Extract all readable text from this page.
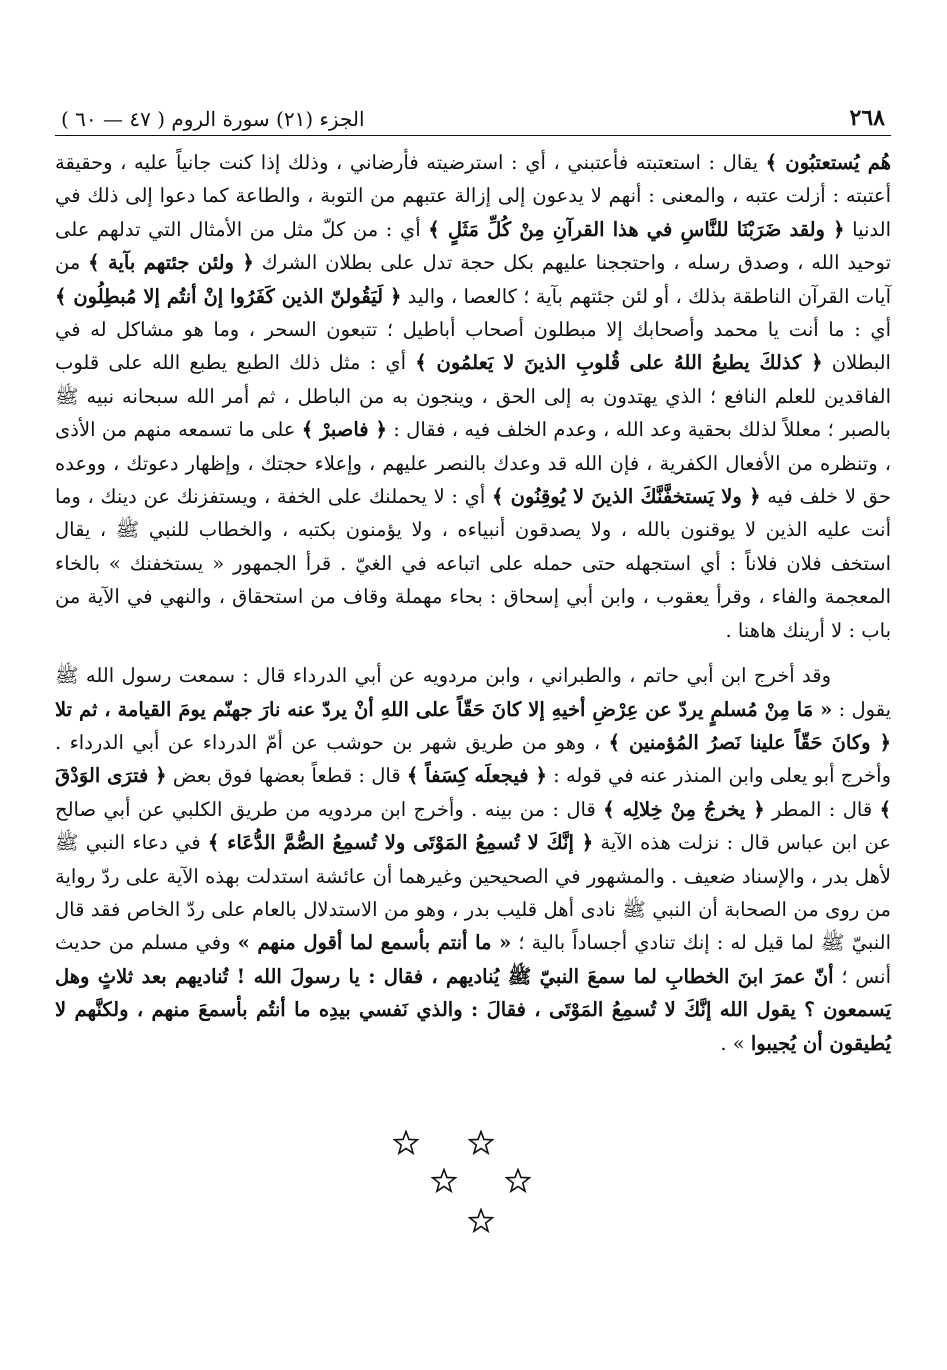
٢٦٨
الجزء (٢١) سورة الروم ( ٤٧ — ٦٠ )

هُم يُستعتبُون ﴾ يقال : استعتبته فأعتبني ، أي : استرضيته فأرضاني ، وذلك إذا كنت جانياً عليه ، وحقيقة أعتبته : أزلت عتبه ، والمعنى : أنهم لا يدعون إلى إزالة عتبهم من التوبة ، والطاعة كما دعوا إلى ذلك في الدنيا ﴿ ولقد ضَرَبْنَا للنَّاسِ في هذا القرآنِ مِنْ كُلِّ مَثَلٍ ﴾ أي : من كلّ مثل من الأمثال التي تدلهم على توحيد الله ، وصدق رسله ، واحتججنا عليهم بكل حجة تدل على بطلان الشرك ﴿ ولئن جئتهم بآية ﴾ من آيات القرآن الناطقة بذلك ، أو لئن جئتهم بآية ؛ كالعصا ، واليد ﴿ لَيَقُولنّ الذين كَفَرُوا إنْ أنتُم إلا مُبطِلُون ﴾ أي : ما أنت يا محمد وأصحابك إلا مبطلون أصحاب أباطيل ؛ تتبعون السحر ، وما هو مشاكل له في البطلان ﴿ كذلكَ يطبعُ اللهُ على قُلوبِ الذينَ لا يَعلمُون ﴾ أي : مثل ذلك الطبع يطبع الله على قلوب الفاقدين للعلم النافع ؛ الذي يهتدون به إلى الحق ، وينجون به من الباطل ، ثم أمر الله سبحانه نبيه ﷺ بالصبر ؛ معللاً لذلك بحقية وعد الله ، وعدم الخلف فيه ، فقال : ﴿ فاصبرْ ﴾ على ما تسمعه منهم من الأذى ، وتنظره من الأفعال الكفرية ، فإن الله قد وعدك بالنصر عليهم ، وإعلاء حجتك ، وإظهار دعوتك ، ووعده حق لا خلف فيه ﴿ ولا يَستخفَّنَّكَ الذينَ لا يُوقِنُون ﴾ أي : لا يحملنك على الخفة ، ويستفزنك عن دينك ، وما أنت عليه الذين لا يوقنون بالله ، ولا يصدقون أنبياءه ، ولا يؤمنون بكتبه ، والخطاب للنبي ﷺ ، يقال استخف فلان فلاناً : أي استجهله حتى حمله على اتباعه في الغيّ . قرأ الجمهور « يستخفنك » بالخاء المعجمة والفاء ، وقرأ يعقوب ، وابن أبي إسحاق : بحاء مهملة وقاف من استحقاق ، والنهي في الآية من باب : لا أرينك هاهنا .

وقد أخرج ابن أبي حاتم ، والطبراني ، وابن مردويه عن أبي الدرداء قال : سمعت رسول الله ﷺ يقول : « مَا مِنْ مُسلمٍ يردّ عن عِرْضِ أخيهِ إلا كانَ حَقّاً على اللهِ أنْ يردّ عنه نارَ جهنّم يومَ القيامة ، ثم تلا ﴿ وكانَ حَقّاً علينا نَصرُ المُؤمنين ﴾ ، وهو من طريق شهر بن حوشب عن أمّ الدرداء عن أبي الدرداء . وأخرج أبو يعلى وابن المنذر عنه في قوله : ﴿ فيجعلَه كِسَفاً ﴾ قال : قطعاً بعضها فوق بعض ﴿ فترَى الوَدْقَ ﴾ قال : المطر ﴿ يخرجُ مِنْ خِلالِه ﴾ قال : من بينه . وأخرج ابن مردويه من طريق الكلبي عن أبي صالح عن ابن عباس قال : نزلت هذه الآية ﴿ إنَّكَ لا تُسمِعُ المَوْتَى ولا تُسمِعُ الصُّمَّ الدُّعَاء ﴾ في دعاء النبي ﷺ لأهل بدر ، والإسناد ضعيف . والمشهور في الصحيحين وغيرهما أن عائشة استدلت بهذه الآية على ردّ رواية من روى من الصحابة أن النبي ﷺ نادى أهل قليب بدر ، وهو من الاستدلال بالعام على ردّ الخاص فقد قال النبيّ ﷺ لما قيل له : إنك تنادي أجساداً بالية ؛ « ما أنتم بأسمع لما أقول منهم » وفي مسلم من حديث أنس ؛ أنّ عمرَ ابنَ الخطابِ لما سمعَ النبيّ ﷺ يُناديهم ، فقال : يا رسولَ الله ! تُناديهم بعد ثلاثٍ وهل يَسمعون ؟ يقول الله إنَّكَ لا تُسمِعُ المَوْتَى ، فقالَ : والذي نَفسي بيدِه ما أنتُم بأسمعَ منهم ، ولكنَّهم لا يُطيقون أن يُجيبوا » .
